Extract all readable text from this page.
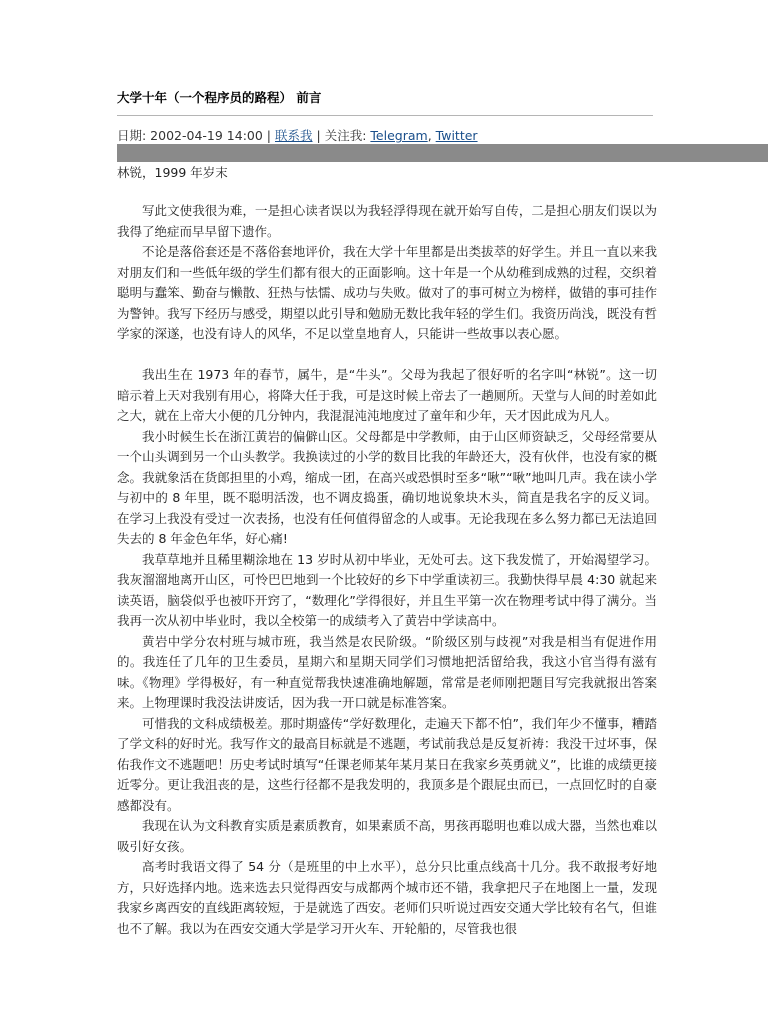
大学十年（一个程序员的路程） 前言
日期: 2002-04-19 14:00 | 联系我 | 关注我: Telegram, Twitter
林锐，1999 年岁末

写此文使我很为难，一是担心读者误以为我轻浮得现在就开始写自传，二是担心朋友们误以为我得了绝症而早早留下遗作。

不论是落俗套还是不落俗套地评价，我在大学十年里都是出类拔萃的好学生。并且一直以来我对朋友们和一些低年级的学生们都有很大的正面影响。这十年是一个从幼稚到成熟的过程，交织着聪明与蠢笨、勤奋与懒散、狂热与怯懦、成功与失败。做对了的事可树立为榜样，做错的事可挂作为警钟。我写下经历与感受，期望以此引导和勉励无数比我年轻的学生们。我资历尚浅，既没有哲学家的深遂，也没有诗人的风华，不足以堂皇地育人，只能讲一些故事以表心愿。

我出生在 1973 年的春节，属牛，是“牛头”。父母为我起了很好听的名字叫“林锐”。这一切暗示着上天对我别有用心，将降大任于我，可是这时候上帝去了一趟厕所。天堂与人间的时差如此之大，就在上帝大小便的几分钟内，我混混沌沌地度过了童年和少年，天才因此成为凡人。

我小时候生长在浙江黄岩的偏僻山区。父母都是中学教师，由于山区师资缺乏，父母经常要从一个山头调到另一个山头教学。我换读过的小学的数目比我的年龄还大，没有伙伴，也没有家的概念。我就象活在货郎担里的小鸡，缩成一团，在高兴或恐惧时至多“啾”“啾”地叫几声。我在读小学与初中的 8 年里，既不聪明活泼，也不调皮捣蛋，确切地说象块木头，简直是我名字的反义词。在学习上我没有受过一次表扬，也没有任何值得留念的人或事。无论我现在多么努力都已无法追回失去的 8 年金色年华，好心痛!

我草草地并且稀里糊涂地在 13 岁时从初中毕业，无处可去。这下我发慌了，开始渴望学习。我灰溜溜地离开山区，可怜巴巴地到一个比较好的乡下中学重读初三。我勤快得早晨 4:30 就起来读英语，脑袋似乎也被吓开窍了，“数理化”学得很好，并且生平第一次在物理考试中得了满分。当我再一次从初中毕业时，我以全校第一的成绩考入了黄岩中学读高中。

黄岩中学分农村班与城市班，我当然是农民阶级。“阶级区别与歧视”对我是相当有促进作用的。我连任了几年的卫生委员，星期六和星期天同学们习惯地把活留给我，我这小官当得有滋有味。《物理》学得极好，有一种直觉帮我快速准确地解题，常常是老师刚把题目写完我就报出答案来。上物理课时我没法讲废话，因为我一开口就是标准答案。

可惜我的文科成绩极差。那时期盛传“学好数理化，走遍天下都不怕”，我们年少不懂事，糟踏了学文科的好时光。我写作文的最高目标就是不逃题，考试前我总是反复祈祷：我没干过坏事，保佑我作文不逃题吧！历史考试时填写“任课老师某年某月某日在我家乡英勇就义”，比谁的成绩更接近零分。更让我沮丧的是，这些行径都不是我发明的，我顶多是个跟屁虫而已，一点回忆时的自豪感都没有。

我现在认为文科教育实质是素质教育，如果素质不高，男孩再聪明也难以成大器，当然也难以吸引好女孩。

高考时我语文得了 54 分（是班里的中上水平），总分只比重点线高十几分。我不敢报考好地方，只好选择内地。选来选去只觉得西安与成都两个城市还不错，我拿把尺子在地图上一量，发现我家乡离西安的直线距离较短，于是就选了西安。老师们只听说过西安交通大学比较有名气，但谁也不了解。我以为在西安交通大学是学习开火车、开轮船的，尽管我也很
